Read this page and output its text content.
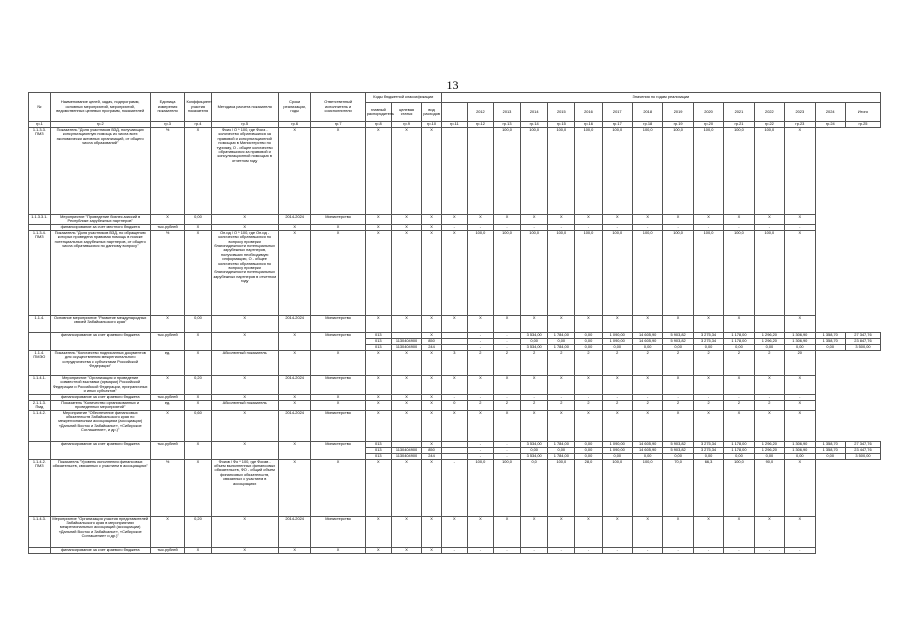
13
№	Наименование целей, задач, подпрограмм, основных мероприятий, мероприятий, ведомственных целевых программ, показателей	Единица измерения показателя	Коэффициент участия показателя	Методика расчета показателя	Сроки реализации, годы	Ответственный исполнитель и соисполнители	Коды бюджетной классификации			Значения по годам реализации														
							главный распорядитель	целевая статья	вид расходов		2012	2013	2014	2015	2016	2017	2018	2019	2020	2021	2022	2023	2024	Итого
гр.1	гр.2	гр.3	гр.4	гр.5	гр.6	гр.7	гр.8	гр.9	гр.10	гр.11	гр.12	гр.13	гр.14	гр.15	гр.16	гр.17	гр.18	гр.19	гр.20	гр.21	гр.22	гр.23	гр.24	гр.25
1.1.3.3. ПМЗ	Показатель "Доля участников ВЗД, получающих консультационную помощь из числа всех экономически активных организаций, от общего числа образований"	%	Х	Фоиз / О * 100, где Фоиз - количество обратившихся за правовой и консультационной помощью в Министерство по туризму, О - общее количество обратившихся за правовой и консультационной помощью в отчетном году	Х	Х	Х	Х	Х			100,0	100,0	100,0	100,0	100,0	100,0	100,0	100,0	100,0	100,0	Х		
1.1.3.3.1.	Мероприятие "Проведение бизнес-миссий в Республике зарубежных партнеров"	Х	0,00	Х	2014-2024	Министерство	Х	Х	Х	Х	Х	Х	Х	Х	Х	Х	Х	Х	Х	Х	Х	Х		
	финансирование за счет местного бюджета	тыс.рублей	Х	Х	Х	Х	Х	Х	Х	-	-	-	-	-	-	-	-	-	-	-	-	-		
1.1.3.4. ПМЗ	Показатель "Доля участников ВЗД, по обращению которых проведена правовая помощь в поиске потенциальных зарубежных партнеров, от общего числа обратившихся по данному вопросу"	%	Х	Оп.ид / О * 100, где Оп.ид - количество обратившихся по вопросу проверки благонадежности потенциальных зарубежных партнеров, получивших необходимую информацию, О - общее количество обратившихся по вопросу проверки благонадежности потенциальных зарубежных партнеров в отчетном году	Х	Х	Х	Х	Х	Х	100,0	100,0	100,0	100,0	100,0	100,0	100,0	100,0	100,0	100,0	100,0	Х		
1.1.4.	Основное мероприятие "Развитие международных связей Забайкальского края"	Х	0,00	Х	2014-2024	Министерство	Х	Х	Х	Х	Х	Х	Х	Х	Х	Х	Х	Х	Х	Х		Х		
	финансирование за счет краевого бюджета	тыс.рублей	Х	Х	Х	Министерство	013		Х		-	-	3 534,00	1 784,00	0,00	1 090,00	14 605,90	5 903,82	3 275,34	1 178,00	1 296,20	1 306,90	1 358,70	27 347,76
							013	1130404900	850		-	-	0,00	0,00	0,00	1 090,00	14 605,90	5 903,82	3 275,34	1 178,00	1 296,20	1 306,90	1 358,70	23 847,76
							013	1130404900	244		-	-	3 534,00	1 784,00	0,00	0,00	0,00	0,00	0,00	0,00	0,00	0,00	0,00	3 500,00
1.1.4. ПМЭО	Показатель "Количество подписанных документов для осуществления межрегионального сотрудничества с субъектами Российской Федерации"	ед.	Х	Абсолютный показатель	Х	Х	Х	Х	Х	3	2	2	2	2	2	2	2	2	2	2	2	20		
1.1.4.1.	Мероприятие "Организация и проведение совместной выставки (ярмарки) Российской Федерации и Российской Федерации, приграничных и иных субъектов"	Х	0,20	Х	2014-2024	Министерство	Х	Х	Х	Х	Х	Х	Х	Х	Х	Х	Х	Х	Х	Х	Х	Х		
	финансирование за счет краевого бюджета	тыс.рублей	Х	Х	Х	Х	Х	Х	Х	-	-	-	-	-	-	-	-	-	-	-	-	-		
2.1.1.3. Пмд	Показатель "Количество организованных и проведенных мероприятий"	ед.	Х	Абсолютный показатель	Х	Х	Х	Х	Х	0	2	2	2	2	2	2	2	2	2	2	2	Х		
1.1.4.2.	Мероприятие "Обеспечение финансовых обязательств Забайкальского края по межрегиональным ассоциациям (ассоциации) «Дальний Восток и Забайкалье», «Сибирское Соглашение», и др.)"	Х	0,60	Х	2014-2024	Министерство	Х	Х	Х	Х	Х	Х	Х	Х	Х	Х	Х	Х	Х	Х	Х	Х		
	финансирование за счет краевого бюджета	тыс.рублей	Х	Х	Х	Министерство	013		Х		-	-	3 534,00	1 784,00	0,00	1 090,00	14 605,90	5 903,82	3 275,34	1 178,00	1 296,20	1 306,90	1 358,70	27 347,76
							013	1130404900	850		-	-	0,00	0,00	0,00	1 090,00	14 605,90	5 903,82	3 275,34	1 178,00	1 296,20	1 306,90	1 358,70	23 447,76
							013	1130404900	244		-	-	3 534,00	1 784,00	0,00	0,00	0,00	0,00	0,00	0,00	0,00	0,00	0,00	3 500,00
1.1.4.2. ПМЗ	Показатель "Уровень исполнения финансовых обязательств, связанных с участием в ассоциациях"	%	Х	Фоизв / Фо * 100, где Фоизв - объем выполненных финансовых обязательств, ФО - общий объем финансовых обязательств, связанных с участием в ассоциациях	Х	Х	Х	Х	Х	-	100,0	100,0	0,0	100,0	28,0	100,0	100,0	70,0	66,3	100,0	90,0	Х		
1.1.4.3.	Мероприятие "Организация участия представителей Забайкальского края в мероприятиях межрегиональных ассоциаций (ассоциации) «Дальний Восток и Забайкалье», «Сибирское Соглашение» и др.)"	Х	0,20	Х	2014-2024	Министерство	Х	Х	Х	Х	Х	Х	Х	Х	Х	Х	Х	Х	Х	Х	Х	Х		
	финансирование за счет краевого бюджета	тыс.рублей	Х	Х	Х	Х	Х	Х	Х	-	-	-	-	-	-	-	-	-	-	-	-	-		
